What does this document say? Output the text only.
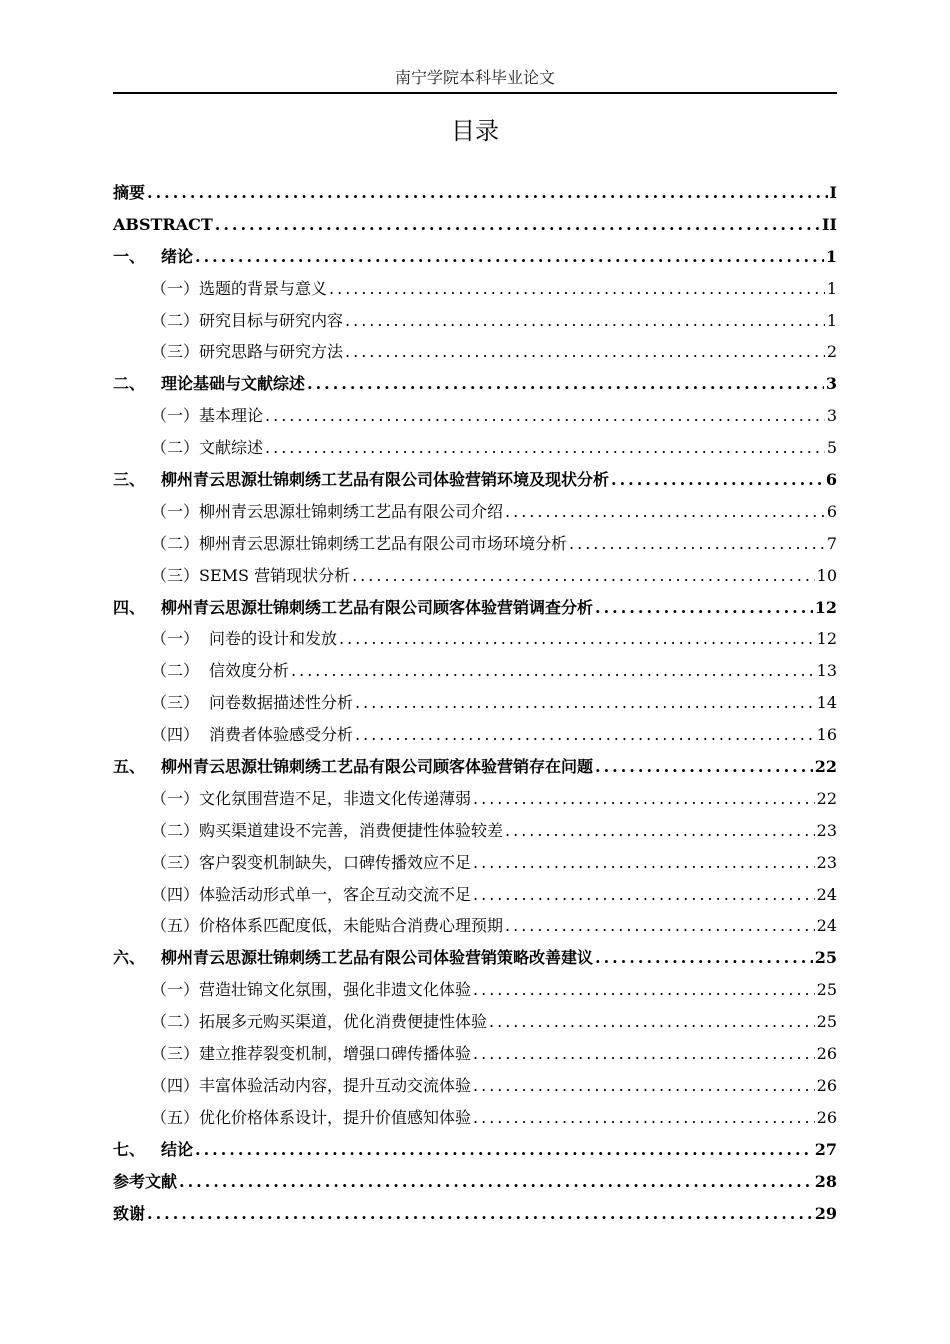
南宁学院本科毕业论文
目录
摘要 .....	I
ABSTRACT .....	II
一、 绪论 .....	1
（一） 选题的背景与意义 .....	1
（二） 研究目标与研究内容 .....	1
（三） 研究思路与研究方法 .....	2
二、 理论基础与文献综述 .....	3
（一） 基本理论 .....	3
（二） 文献综述 .....	5
三、 柳州青云思源壮锦刺绣工艺品有限公司体验营销环境及现状分析 .....	6
（一） 柳州青云思源壮锦刺绣工艺品有限公司介绍 .....	6
（二） 柳州青云思源壮锦刺绣工艺品有限公司市场环境分析 .....	7
（三） SEMS 营销现状分析 .....	10
四、 柳州青云思源壮锦刺绣工艺品有限公司顾客体验营销调查分析 .....	12
（一） 问卷的设计和发放 .....	12
（二） 信效度分析 .....	13
（三） 问卷数据描述性分析 .....	14
（四） 消费者体验感受分析 .....	16
五、 柳州青云思源壮锦刺绣工艺品有限公司顾客体验营销存在问题 .....	22
（一） 文化氛围营造不足，非遗文化传递薄弱 .....	22
（二） 购买渠道建设不完善，消费便捷性体验较差 .....	23
（三） 客户裂变机制缺失，口碑传播效应不足 .....	23
（四） 体验活动形式单一，客企互动交流不足 .....	24
（五） 价格体系匹配度低，未能贴合消费心理预期 .....	24
六、 柳州青云思源壮锦刺绣工艺品有限公司体验营销策略改善建议 .....	25
（一） 营造壮锦文化氛围，强化非遗文化体验 .....	25
（二） 拓展多元购买渠道，优化消费便捷性体验 .....	25
（三） 建立推荐裂变机制，增强口碑传播体验 .....	26
（四） 丰富体验活动内容，提升互动交流体验 .....	26
（五） 优化价格体系设计，提升价值感知体验 .....	26
七、 结论 .....	27
参考文献 .....	28
致谢 .....	29
